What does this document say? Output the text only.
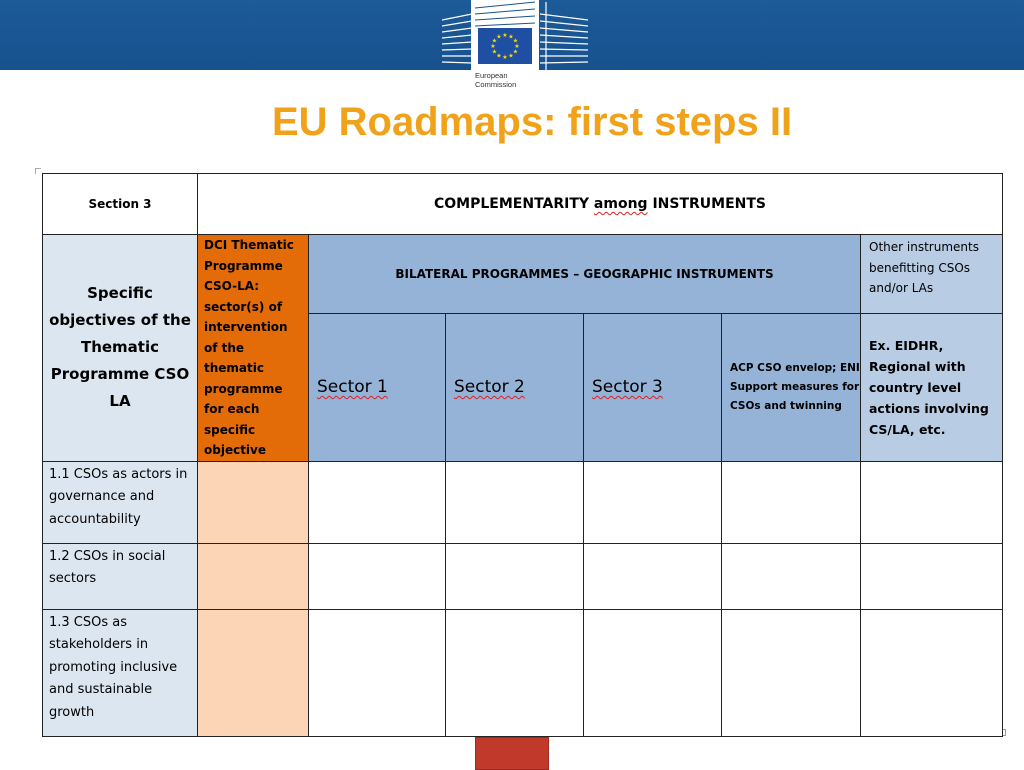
★ ★
★
★
★
★
★
★
★
★
★
★
European
Commission
EU Roadmaps: first steps II
Section 3	COMPLEMENTARITY among INSTRUMENTS					
Specific objectives of the Thematic Programme CSO LA	DCI Thematic Programme CSO-LA: sector(s) of intervention of the thematic programme for each specific objective	BILATERAL PROGRAMMES – GEOGRAPHIC INSTRUMENTS				Other instruments benefitting CSOs and/or LAs
		Sector 1	Sector 2	Sector 3	ACP CSO envelop; ENI Support measures for CSOs and twinning	Ex. EIDHR, Regional with country level actions involving CS/LA, etc.
1.1 CSOs as actors in governance and accountability						
1.2 CSOs in social sectors						
1.3 CSOs as stakeholders in promoting inclusive and sustainable growth						
